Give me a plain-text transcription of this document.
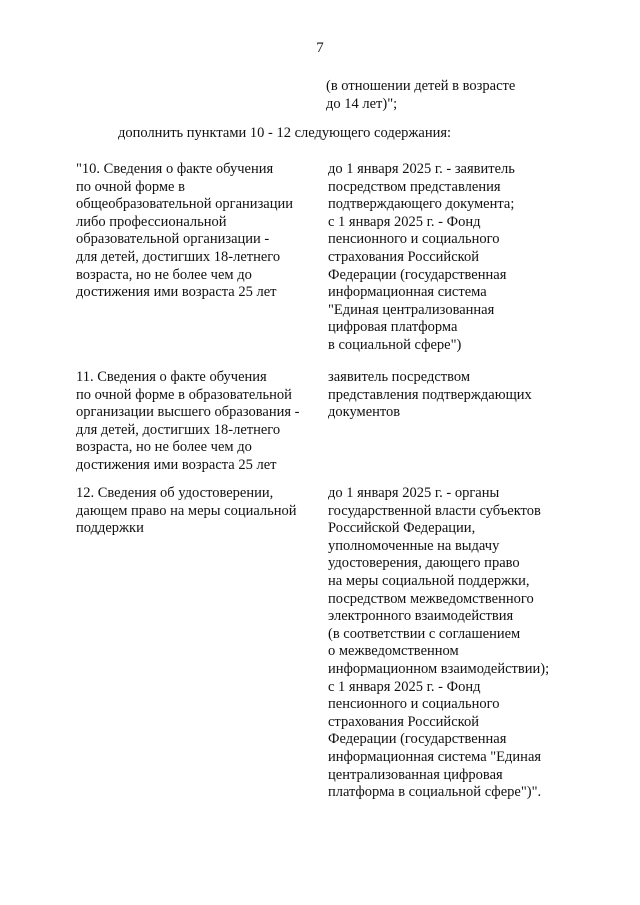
7
(в отношении детей в возрасте
до 14 лет)";
дополнить пунктами 10 - 12 следующего содержания:
"10. Сведения о факте обучения
по очной форме в
общеобразовательной организации
либо профессиональной
образовательной организации -
для детей, достигших 18-летнего
возраста, но не более чем до
достижения ими возраста 25 лет
до 1 января 2025 г. - заявитель
посредством представления
подтверждающего документа;
с 1 января 2025 г. - Фонд
пенсионного и социального
страхования Российской
Федерации (государственная
информационная система
"Единая централизованная
цифровая платформа
в социальной сфере")
11. Сведения о факте обучения
по очной форме в образовательной
организации высшего образования -
для детей, достигших 18-летнего
возраста, но не более чем до
достижения ими возраста 25 лет
заявитель посредством
представления подтверждающих
документов
12. Сведения об удостоверении,
дающем право на меры социальной
поддержки
до 1 января 2025 г. - органы
государственной власти субъектов
Российской Федерации,
уполномоченные на выдачу
удостоверения, дающего право
на меры социальной поддержки,
посредством межведомственного
электронного взаимодействия
(в соответствии с соглашением
о межведомственном
информационном взаимодействии);
с 1 января 2025 г. - Фонд
пенсионного и социального
страхования Российской
Федерации (государственная
информационная система "Единая
централизованная цифровая
платформа в социальной сфере")".
